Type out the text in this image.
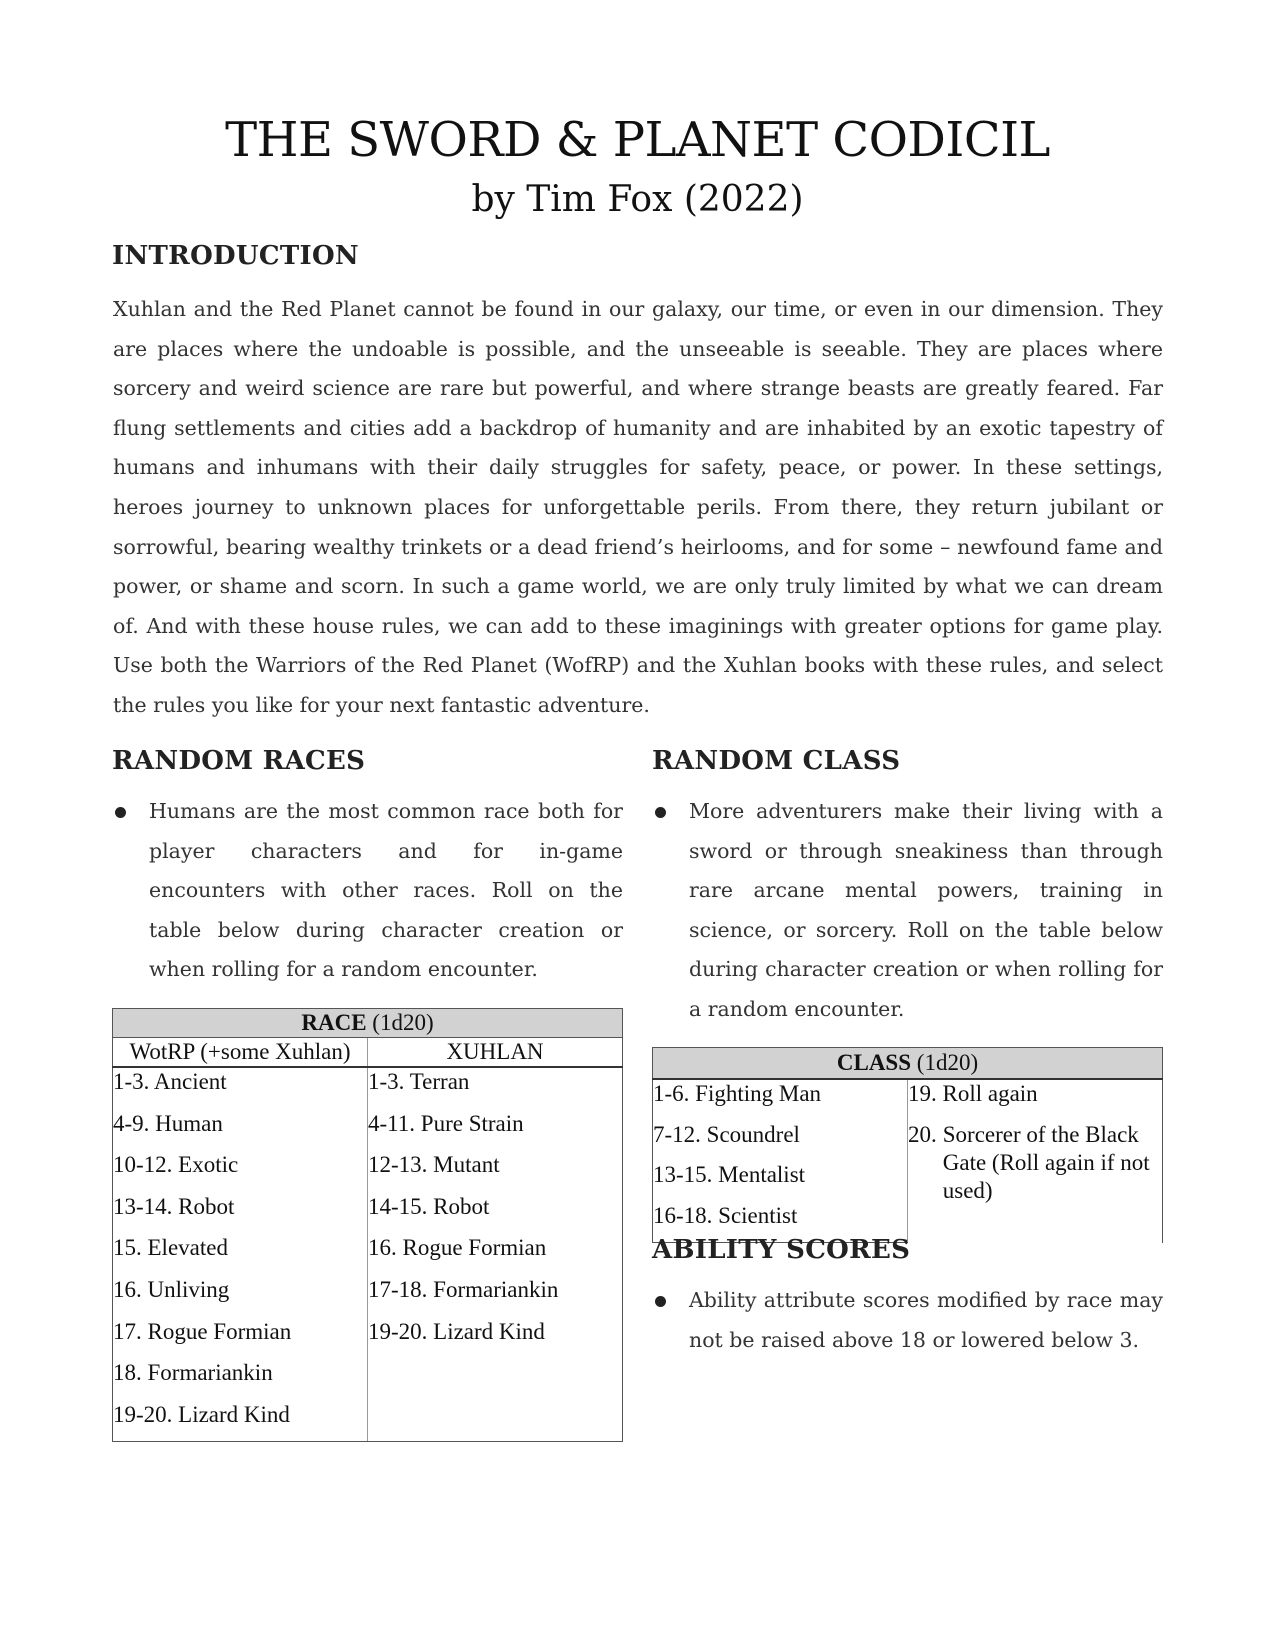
THE SWORD & PLANET CODICIL
by Tim Fox (2022)
INTRODUCTION

Xuhlan and the Red Planet cannot be found in our galaxy, our time, or even in our dimension. They are places where the undoable is possible, and the unseeable is seeable. They are places where sorcery and weird science are rare but powerful, and where strange beasts are greatly feared. Far flung settlements and cities add a backdrop of humanity and are inhabited by an exotic tapestry of humans and inhumans with their daily struggles for safety, peace, or power. In these settings, heroes journey to unknown places for unforgettable perils. From there, they return jubilant or sorrowful, bearing wealthy trinkets or a dead friend’s heirlooms, and for some – newfound fame and power, or shame and scorn. In such a game world, we are only truly limited by what we can dream of. And with these house rules, we can add to these imaginings with greater options for game play. Use both the Warriors of the Red Planet (WofRP) and the Xuhlan books with these rules, and select the rules you like for your next fantastic adventure.

RANDOM RACES

Humans are the most common race both for player characters and for in-game encounters with other races. Roll on the table below during character creation or when rolling for a random encounter.

RACE (1d20)	
WotRP (+some Xuhlan)	XUHLAN
1-3. Ancient	1-3. Terran
4-9. Human	4-11. Pure Strain
10-12. Exotic	12-13. Mutant
13-14. Robot	14-15. Robot
15. Elevated	16. Rogue Formian
16. Unliving	17-18. Formariankin
17. Rogue Formian	19-20. Lizard Kind
18. Formariankin	
19-20. Lizard Kind	
RANDOM CLASS

More adventurers make their living with a sword or through sneakiness than through rare arcane mental powers, training in science, or sorcery. Roll on the table below during character creation or when rolling for a random encounter.

CLASS (1d20)	
1-6. Fighting Man	19. Roll again
7-12. Scoundrel	20. Sorcerer of the Black Gate (Roll again if not used)

13-15. Mentalist	
16-18. Scientist	
ABILITY SCORES

Ability attribute scores modified by race may not be raised above 18 or lowered below 3.
